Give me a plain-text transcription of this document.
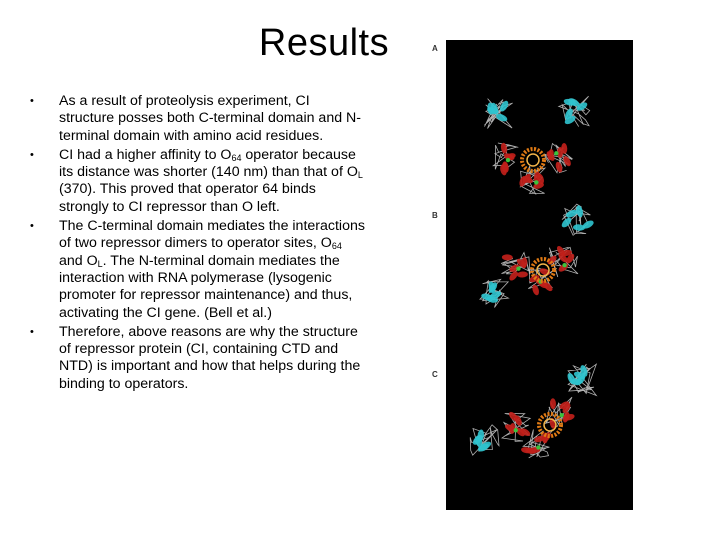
Results
• As a result of proteolysis experiment, CI structure posses both C-terminal domain and N-terminal domain with amino acid residues.
• CI had a higher affinity to $O_{64}$ operator because its distance was shorter (140 nm) than that of $O_L$ (370). This proved that operator 64 binds strongly to CI repressor than O left.
• The C-terminal domain mediates the interactions of two repressor dimers to operator sites, $O_{64}$ and $O_L$. The N-terminal domain mediates the interaction with RNA polymerase (lysogenic promoter for repressor maintenance) and thus, activating the CI gene. (Bell et al.)
• Therefore, above reasons are why the structure of repressor protein (CI, containing CTD and NTD) is important and how that helps during the binding to operators.
A
B
C
